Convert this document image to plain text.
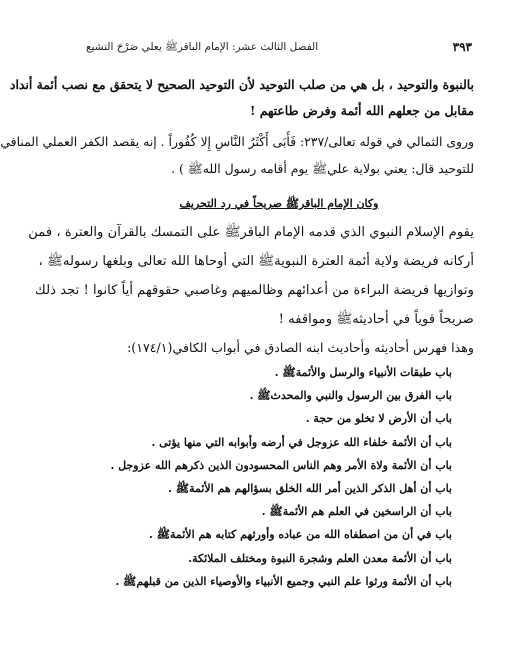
٣٩٣
الفصل الثالث عشر: الإمام الباقرﷺ يعلي صَرْحَ التشيع

بالنبوة والتوحيد ، بل هي من صلب التوحيد لأن التوحيد الصحيح لا يتحقق مع نصب أئمة أنداد

مقابل من جعلهم الله أئمة وفرض طاعتهم !

وروى الثمالي في قوله تعالى/٢٣٧: فَأَبَى أَكْثَرُ النَّاسِ إِلا كُفُوراً . إنه يقصد الكفر العملي المنافي

للتوحيد قال: يعني بولاية عليﷺ يوم أقامه رسول اللهﷺ ) .

وكان الإمام الباقرﷺ صريحاً في رد التحريف

يقوم الإسلام النبوي الذي قدمه الإمام الباقرﷺ على التمسك بالقرآن والعترة ، فمن

أركانه فريضة ولاية أئمة العترة النبويةﷺ التي أوحاها الله تعالى وبلغها رسولهﷺ ،

وتوازيها فريضة البراءة من أعدائهم وظالميهم وغاصبي حقوقهم أياً كانوا ! تجد ذلك

صريحاً قوياً في أحاديثهﷺ ومواقفه !

وهذا فهرس أحاديثه وأحاديث ابنه الصادق في أبواب الكافي(١٧٤/١):

باب طبقات الأنبياء والرسل والأئمةﷺ .
باب الفرق بين الرسول والنبي والمحدثﷺ .
باب أن الأرض لا تخلو من حجة .
باب أن الأئمة خلفاء الله عزوجل في أرضه وأبوابه التي منها يؤتى .
باب أن الأئمة ولاة الأمر وهم الناس المحسودون الذين ذكرهم الله عزوجل .
باب أن أهل الذكر الذين أمر الله الخلق بسؤالهم هم الأئمةﷺ .
باب أن الراسخين في العلم هم الأئمةﷺ .
باب في أن من اصطفاه الله من عباده وأورثهم كتابه هم الأئمةﷺ .
باب أن الأئمة معدن العلم وشجرة النبوة ومختلف الملائكة.
باب أن الأئمة ورثوا علم النبي وجميع الأنبياء والأوصياء الذين من قبلهمﷺ .
